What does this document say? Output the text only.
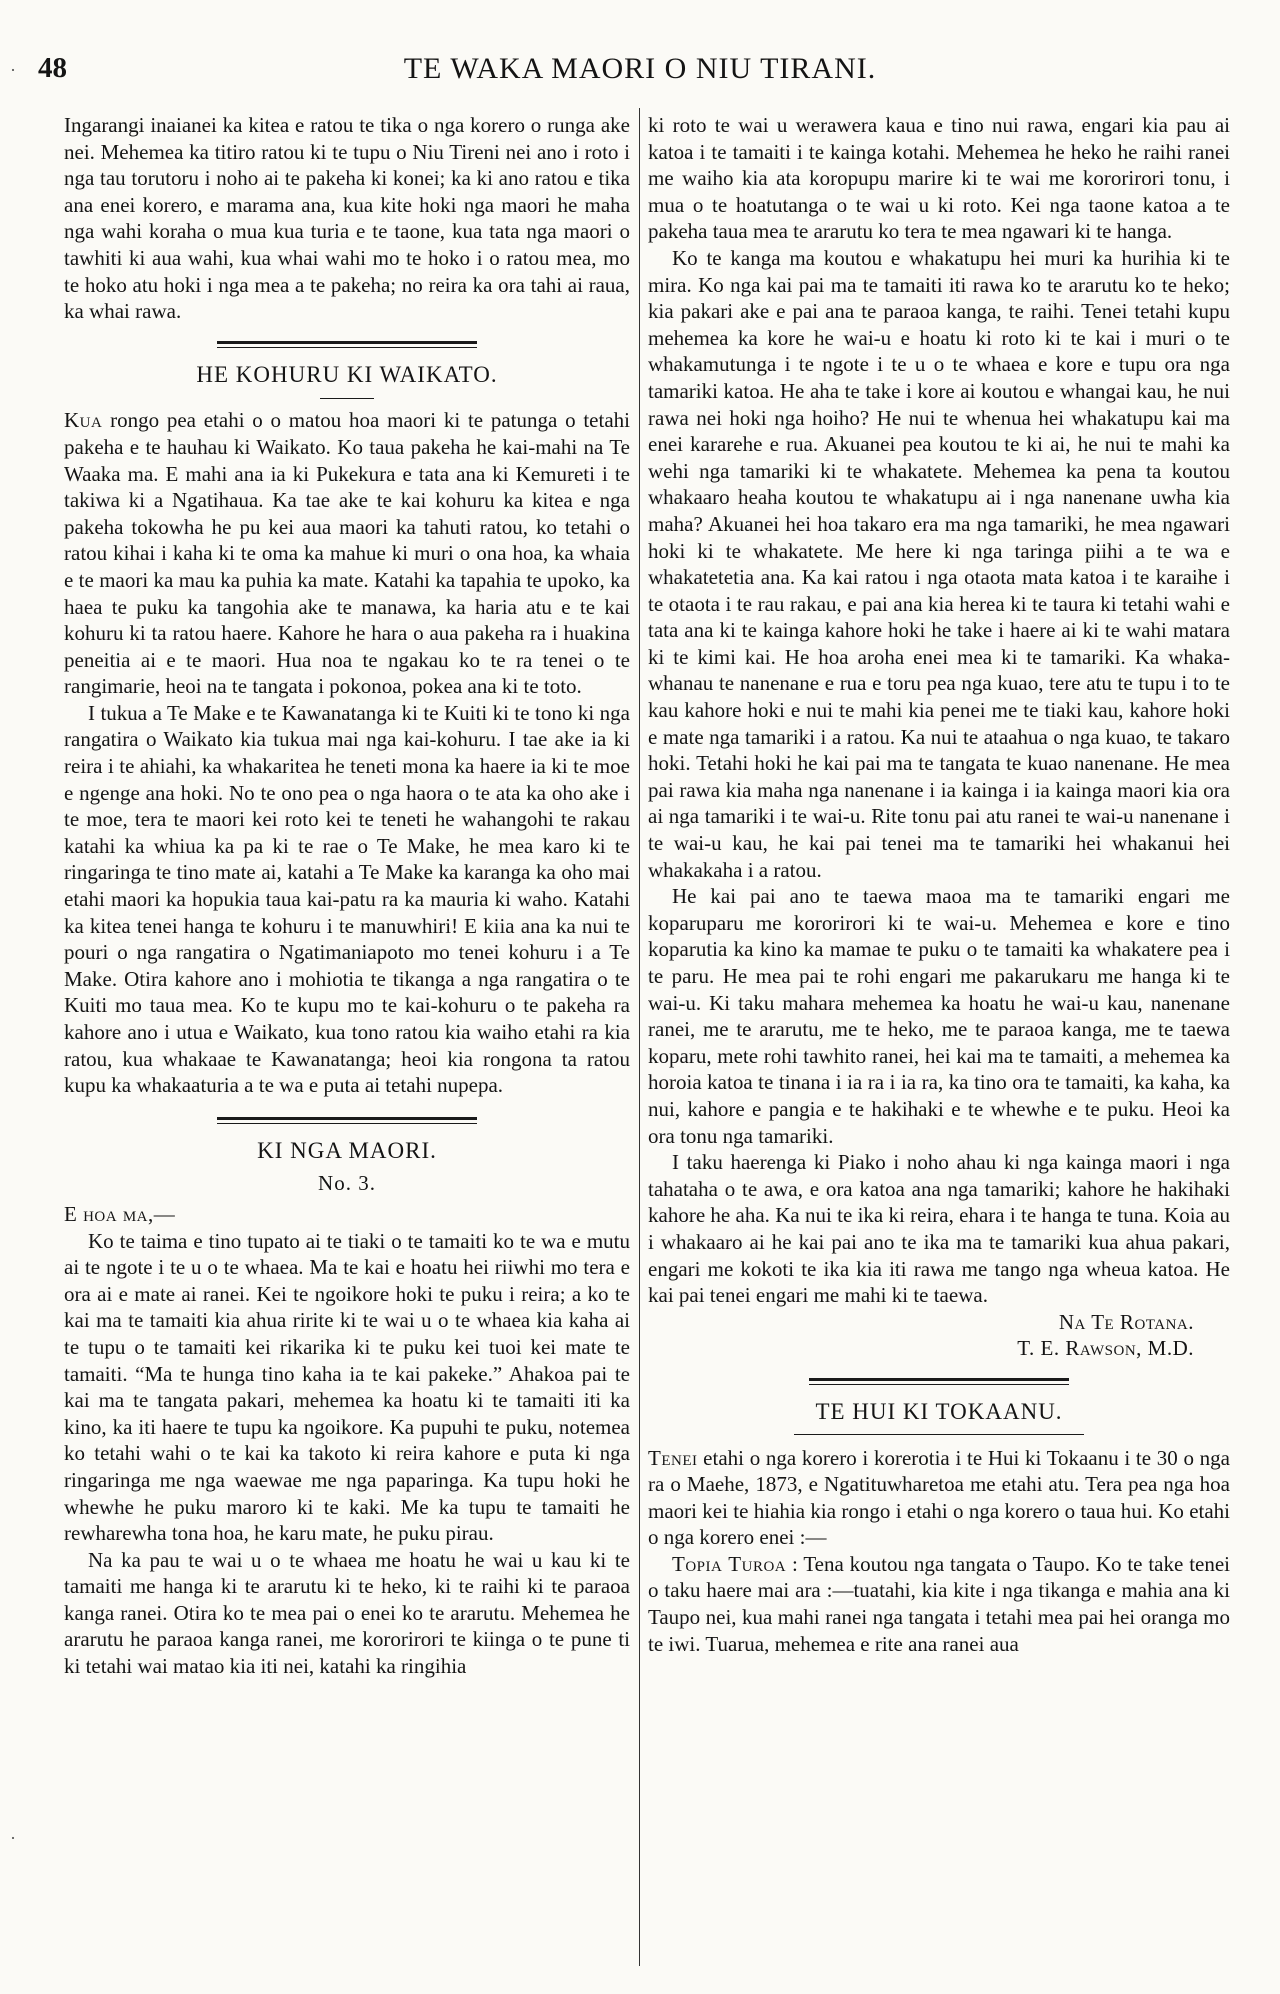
·
·
48	TE WAKA MAORI O NIU TIRANI.

Ingarangi inaianei ka kitea e ratou te tika o nga korero o runga ake nei. Mehemea ka titiro ratou ki te tupu o Niu Tireni nei ano i roto i nga tau torutoru i noho ai te pakeha ki konei; ka ki ano ratou e tika ana enei korero, e marama ana, kua kite hoki nga maori he maha nga wahi koraha o mua kua turia e te taone, kua tata nga maori o tawhiti ki aua wahi, kua whai wahi mo te hoko i o ratou mea, mo te hoko atu hoki i nga mea a te pakeha; no reira ka ora tahi ai raua, ka whai rawa.

HE KOHURU KI WAIKATO.

Kua rongo pea etahi o o matou hoa maori ki te patunga o tetahi pakeha e te hauhau ki Waikato. Ko taua pakeha he kai-mahi na Te Waaka ma. E mahi ana ia ki Pukekura e tata ana ki Kemureti i te takiwa ki a Ngatihaua. Ka tae ake te kai kohuru ka kitea e nga pakeha tokowha he pu kei aua maori ka tahuti ratou, ko tetahi o ratou kihai i kaha ki te oma ka mahue ki muri o ona hoa, ka whaia e te maori ka mau ka puhia ka mate. Katahi ka tapahia te upoko, ka haea te puku ka tangohia ake te manawa, ka haria atu e te kai kohuru ki ta ratou haere. Kahore he hara o aua pakeha ra i huakina peneitia ai e te maori. Hua noa te ngakau ko te ra tenei o te rangimarie, heoi na te tangata i pokonoa, pokea ana ki te toto.

I tukua a Te Make e te Kawanatanga ki te Kuiti ki te tono ki nga rangatira o Waikato kia tukua mai nga kai-kohuru. I tae ake ia ki reira i te ahiahi, ka whakaritea he teneti mona ka haere ia ki te moe e ngenge ana hoki. No te ono pea o nga haora o te ata ka oho ake i te moe, tera te maori kei roto kei te teneti he wahangohi te rakau katahi ka whiua ka pa ki te rae o Te Make, he mea karo ki te ringaringa te tino mate ai, katahi a Te Make ka karanga ka oho mai etahi maori ka hopukia taua kai-patu ra ka mauria ki waho. Katahi ka kitea tenei hanga te kohuru i te manuwhiri! E kiia ana ka nui te pouri o nga rangatira o Ngatimaniapoto mo tenei kohuru i a Te Make. Otira kahore ano i mohiotia te tikanga a nga rangatira o te Kuiti mo taua mea. Ko te kupu mo te kai-kohuru o te pakeha ra kahore ano i utua e Waikato, kua tono ratou kia waiho etahi ra kia ratou, kua whakaae te Kawanatanga; heoi kia rongona ta ratou kupu ka whakaaturia a te wa e puta ai tetahi nupepa.

KI NGA MAORI.

No. 3.

E hoa ma,—

Ko te taima e tino tupato ai te tiaki o te tamaiti ko te wa e mutu ai te ngote i te u o te whaea. Ma te kai e hoatu hei riiwhi mo tera e ora ai e mate ai ranei. Kei te ngoikore hoki te puku i reira; a ko te kai ma te tamaiti kia ahua ririte ki te wai u o te whaea kia kaha ai te tupu o te tamaiti kei rikarika ki te puku kei tuoi kei mate te tamaiti. “Ma te hunga tino kaha ia te kai pakeke.” Ahakoa pai te kai ma te tangata pakari, mehemea ka hoatu ki te tamaiti iti ka kino, ka iti haere te tupu ka ngoikore. Ka pupuhi te puku, notemea ko tetahi wahi o te kai ka takoto ki reira kahore e puta ki nga ringaringa me nga waewae me nga paparinga. Ka tupu hoki he whewhe he puku maroro ki te kaki. Me ka tupu te tamaiti he rewharewha tona hoa, he karu mate, he puku pirau.

Na ka pau te wai u o te whaea me hoatu he wai u kau ki te tamaiti me hanga ki te ararutu ki te heko, ki te raihi ki te paraoa kanga ranei. Otira ko te mea pai o enei ko te ararutu. Mehemea he ararutu he paraoa kanga ranei, me kororirori te kiinga o te pune ti ki tetahi wai matao kia iti nei, katahi ka ringihia

ki roto te wai u werawera kaua e tino nui rawa, engari kia pau ai katoa i te tamaiti i te kainga kotahi. Mehemea he heko he raihi ranei me waiho kia ata koropupu marire ki te wai me kororirori tonu, i mua o te hoatutanga o te wai u ki roto. Kei nga taone katoa a te pakeha taua mea te ararutu ko tera te mea ngawari ki te hanga.

Ko te kanga ma koutou e whakatupu hei muri ka hurihia ki te mira. Ko nga kai pai ma te tamaiti iti rawa ko te ararutu ko te heko; kia pakari ake e pai ana te paraoa kanga, te raihi. Tenei tetahi kupu mehemea ka kore he wai-u e hoatu ki roto ki te kai i muri o te whakamutunga i te ngote i te u o te whaea e kore e tupu ora nga tamariki katoa. He aha te take i kore ai koutou e whangai kau, he nui rawa nei hoki nga hoiho? He nui te whenua hei whakatupu kai ma enei kararehe e rua. Akuanei pea koutou te ki ai, he nui te mahi ka wehi nga tamariki ki te whakatete. Mehemea ka pena ta koutou whakaaro heaha koutou te whakatupu ai i nga nanenane uwha kia maha? Akuanei hei hoa takaro era ma nga tamariki, he mea ngawari hoki ki te whakatete. Me here ki nga taringa piihi a te wa e whakatetetia ana. Ka kai ratou i nga otaota mata katoa i te karaihe i te otaota i te rau rakau, e pai ana kia herea ki te taura ki tetahi wahi e tata ana ki te kainga kahore hoki he take i haere ai ki te wahi matara ki te kimi kai. He hoa aroha enei mea ki te tamariki. Ka whaka-whanau te nanenane e rua e toru pea nga kuao, tere atu te tupu i to te kau kahore hoki e nui te mahi kia penei me te tiaki kau, kahore hoki e mate nga tamariki i a ratou. Ka nui te ataahua o nga kuao, te takaro hoki. Tetahi hoki he kai pai ma te tangata te kuao nanenane. He mea pai rawa kia maha nga nanenane i ia kainga i ia kainga maori kia ora ai nga tamariki i te wai-u. Rite tonu pai atu ranei te wai-u nanenane i te wai-u kau, he kai pai tenei ma te tamariki hei whakanui hei whakakaha i a ratou.

He kai pai ano te taewa maoa ma te tamariki engari me koparuparu me kororirori ki te wai-u. Mehemea e kore e tino koparutia ka kino ka mamae te puku o te tamaiti ka whakatere pea i te paru. He mea pai te rohi engari me pakarukaru me hanga ki te wai-u. Ki taku mahara mehemea ka hoatu he wai-u kau, nanenane ranei, me te ararutu, me te heko, me te paraoa kanga, me te taewa koparu, mete rohi tawhito ranei, hei kai ma te tamaiti, a mehemea ka horoia katoa te tinana i ia ra i ia ra, ka tino ora te tamaiti, ka kaha, ka nui, kahore e pangia e te hakihaki e te whewhe e te puku. Heoi ka ora tonu nga tamariki.

I taku haerenga ki Piako i noho ahau ki nga kainga maori i nga tahataha o te awa, e ora katoa ana nga tamariki; kahore he hakihaki kahore he aha. Ka nui te ika ki reira, ehara i te hanga te tuna. Koia au i whakaaro ai he kai pai ano te ika ma te tamariki kua ahua pakari, engari me kokoti te ika kia iti rawa me tango nga wheua katoa. He kai pai tenei engari me mahi ki te taewa.

Na Te Rotana.

T. E. Rawson, M.D.

TE HUI KI TOKAANU.

Tenei etahi o nga korero i korerotia i te Hui ki Tokaanu i te 30 o nga ra o Maehe, 1873, e Ngatituwharetoa me etahi atu. Tera pea nga hoa maori kei te hiahia kia rongo i etahi o nga korero o taua hui. Ko etahi o nga korero enei :—

Topia Turoa : Tena koutou nga tangata o Taupo. Ko te take tenei o taku haere mai ara :—tuatahi, kia kite i nga tikanga e mahia ana ki Taupo nei, kua mahi ranei nga tangata i tetahi mea pai hei oranga mo te iwi. Tuarua, mehemea e rite ana ranei aua
